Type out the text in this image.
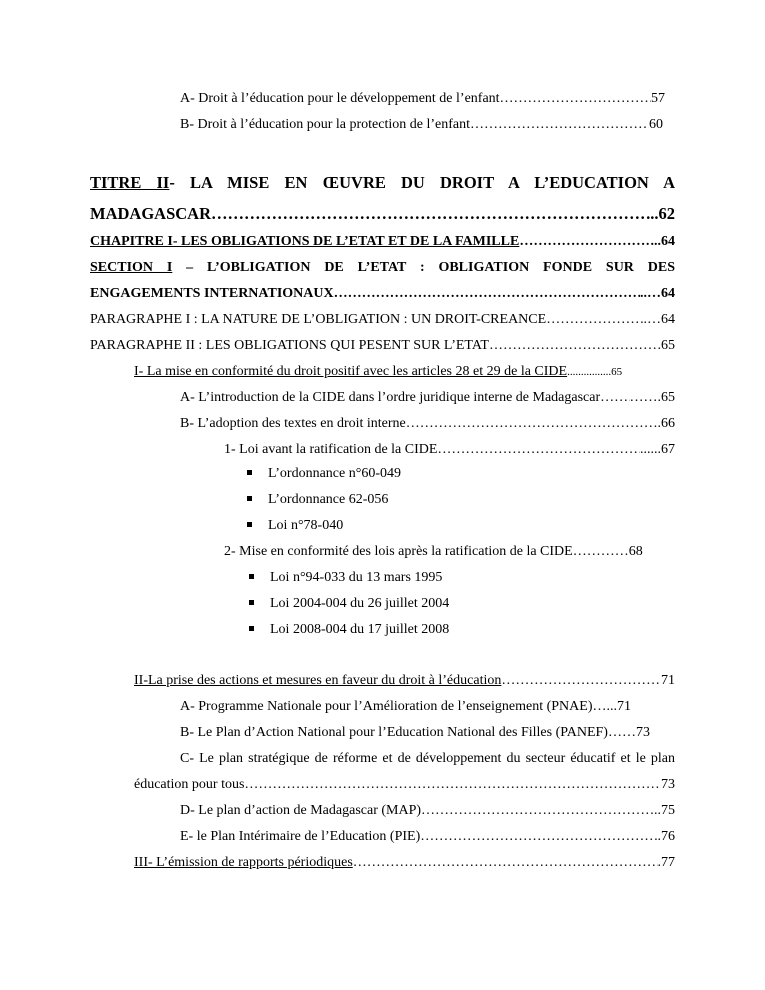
A- Droit à l’éducation pour le développement de l’enfant …………………………………………………………………………………………………………………………………………………………………………………………………………	57
B- Droit à l’éducation pour la protection de l’enfant …………………………………………………………………………………………………………………………………………………………………………………………………………	60
TITRE II- LA MISE EN ŒUVRE DU DROIT A L’EDUCATION A
MADAGASCAR …………………………………………………………………………………………………………………………………………………………………………………………………………	..62
CHAPITRE I- LES OBLIGATIONS DE L’ETAT ET DE LA FAMILLE …………………………………………………………………………………………………………………………………………………………………………………………………………	...64
SECTION I – L’OBLIGATION DE L’ETAT : OBLIGATION FONDE SUR DES
ENGAGEMENTS INTERNATIONAUX …………………………………………………………………………………………………………………………………………………………………………………………………………	..…64
PARAGRAPHE I : LA NATURE DE L’OBLIGATION : UN DROIT-CREANCE …………………………………………………………………………………………………………………………………………………………………………………………………………	.…64
PARAGRAPHE II : LES OBLIGATIONS QUI PESENT SUR L’ETAT …………………………………………………………………………………………………………………………………………………………………………………………………………	65
I- La mise en conformité du droit positif avec les articles 28 et 29 de la CIDE ................65
A- L’introduction de la CIDE dans l’ordre juridique interne de Madagascar ………………………………………………………………………………………………………………………………………………………………………………………………………… …….65
B- L’adoption des textes en droit interne …………………………………………………………………………………………………………………………………………………………………………………………………………	.66
1- Loi avant la ratification de la CIDE …………………………………………………………………………………………………………………………………………………………………………………………………………	......67
L’ordonnance n°60-049
L’ordonnance 62-056
Loi n°78-040
2- Mise en conformité des lois après la ratification de la CIDE …………68
Loi n°94-033 du 13 mars 1995
Loi 2004-004 du 26 juillet 2004
Loi 2008-004 du 17 juillet 2008
II-La prise des actions et mesures en faveur du droit à l’éducation …………………………………………………………………………………………………………………………………………………………………………………………………………	71
A- Programme Nationale pour l’Amélioration de l’enseignement (PNAE) …...71
B- Le Plan d’Action National pour l’Education National des Filles (PANEF) ……73
C- Le plan stratégique de réforme et de développement du secteur éducatif et le plan
éducation pour tous …………………………………………………………………………………………………………………………………………………………………………………………………………	73
D- Le plan d’action de Madagascar (MAP) …………………………………………………………………………………………………………………………………………………………………………………………………………	..75
E- le Plan Intérimaire de l’Education (PIE) …………………………………………………………………………………………………………………………………………………………………………………………………………	.76
III- L’émission de rapports périodiques …………………………………………………………………………………………………………………………………………………………………………………………………………	.77
